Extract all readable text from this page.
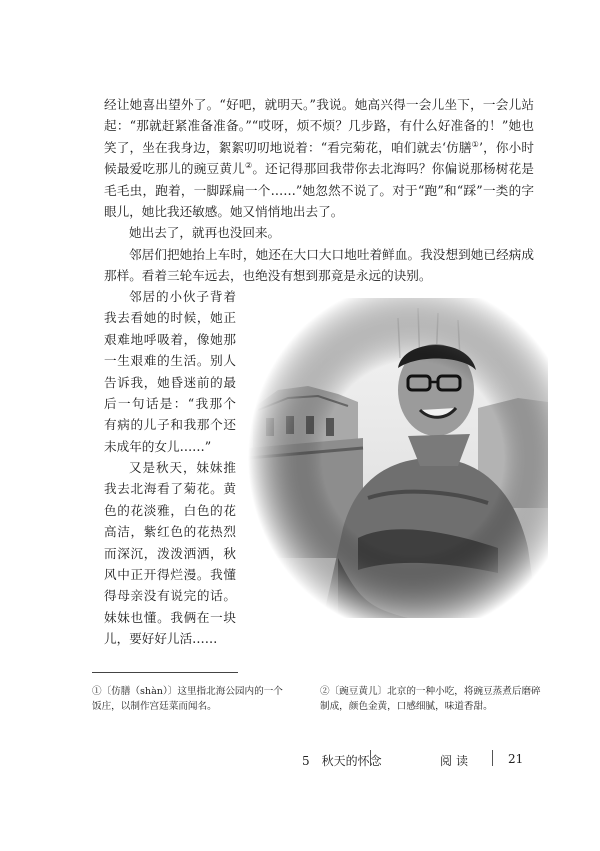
经让她喜出望外了。“好吧，就明天。”我说。她高兴得一会儿坐下，一会儿站起：“那就赶紧准备准备。”“哎呀，烦不烦？几步路，有什么好准备的！”她也笑了，坐在我身边，絮絮叨叨地说着：“看完菊花，咱们就去‘仿膳①’，你小时候最爱吃那儿的豌豆黄儿②。还记得那回我带你去北海吗？你偏说那杨树花是毛毛虫，跑着，一脚踩扁一个……”她忽然不说了。对于“跑”和“踩”一类的字眼儿，她比我还敏感。她又悄悄地出去了。

她出去了，就再也没回来。

邻居们把她抬上车时，她还在大口大口地吐着鲜血。我没想到她已经病成那样。看着三轮车远去，也绝没有想到那竟是永远的诀别。

邻居的小伙子背着我去看她的时候，她正艰难地呼吸着，像她那一生艰难的生活。别人告诉我，她昏迷前的最后一句话是：“我那个有病的儿子和我那个还未成年的女儿……”

又是秋天，妹妹推我去北海看了菊花。黄色的花淡雅，白色的花高洁，紫红色的花热烈而深沉，泼泼洒洒，秋风中正开得烂漫。我懂得母亲没有说完的话。妹妹也懂。我俩在一块儿，要好好儿活……

①〔仿膳（shàn）〕这里指北海公园内的一个饭庄，以制作宫廷菜而闻名。

②〔豌豆黄儿〕北京的一种小吃，将豌豆蒸煮后磨碎制成，颜色金黄，口感细腻，味道香甜。

5　秋天的怀念	阅读	21
